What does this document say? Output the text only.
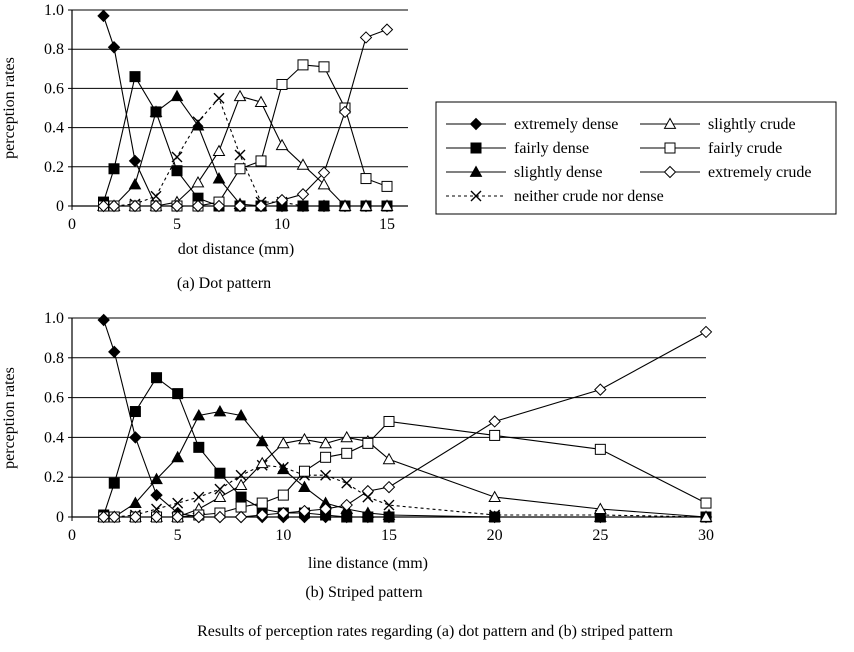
perception rates
dot distance (mm)
(a) Dot pattern
0
0.2
0.4
0.6
0.8
1.0
0	5	10	15
perception rates
line distance (mm)
(b) Striped pattern
0
0.2
0.4
0.6
0.8
1.0
0	5	10	15	20	25	30
extremely dense	slightly crude
fairly dense	fairly crude
slightly dense	extremely crude
neither crude nor dense
Results of perception rates regarding (a) dot pattern and (b) striped pattern
